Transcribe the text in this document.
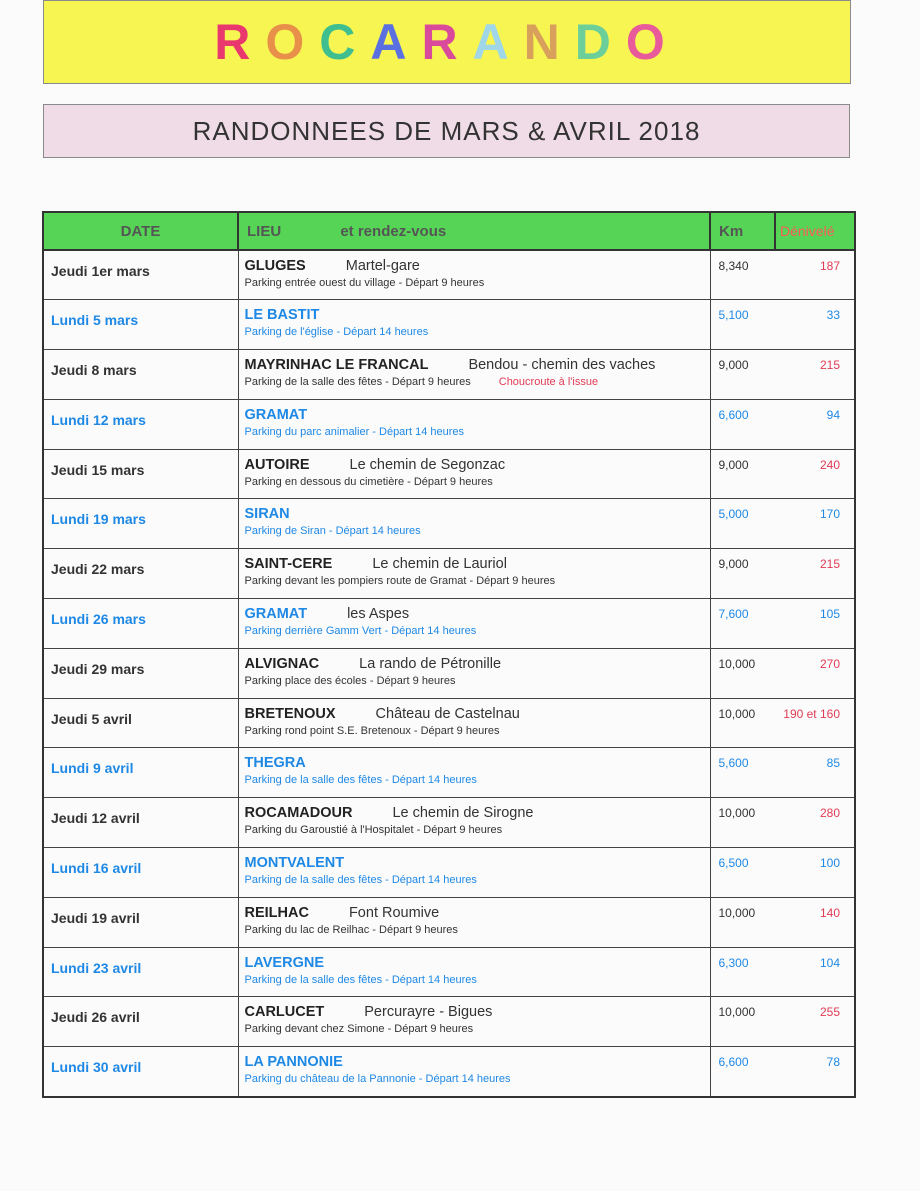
R O C A R A N D O
RANDONNEES DE MARS & AVRIL 2018
DATE	LIEU et rendez-vous	Km	Dénivelé
Jeudi 1er mars	GLUGES Martel-gare
Parking entrée ouest du village - Départ 9 heures	8,340	187
Lundi 5 mars	LE BASTIT
Parking de l'église - Départ 14 heures	5,100	33
Jeudi 8 mars	MAYRINHAC LE FRANCAL Bendou - chemin des vaches
Parking de la salle des fêtes - Départ 9 heures Choucroute à l'issue	9,000	215
Lundi 12 mars	GRAMAT
Parking du parc animalier - Départ 14 heures	6,600	94
Jeudi 15 mars	AUTOIRE Le chemin de Segonzac
Parking en dessous du cimetière - Départ 9 heures	9,000	240
Lundi 19 mars	SIRAN
Parking de Siran - Départ 14 heures	5,000	170
Jeudi 22 mars	SAINT-CERE Le chemin de Lauriol
Parking devant les pompiers route de Gramat - Départ 9 heures	9,000	215
Lundi 26 mars	GRAMAT les Aspes
Parking derrière Gamm Vert - Départ 14 heures	7,600	105
Jeudi 29 mars	ALVIGNAC La rando de Pétronille
Parking place des écoles - Départ 9 heures	10,000	270
Jeudi 5 avril	BRETENOUX Château de Castelnau
Parking rond point S.E. Bretenoux - Départ 9 heures	10,000	190 et 160
Lundi 9 avril	THEGRA
Parking de la salle des fêtes - Départ 14 heures	5,600	85
Jeudi 12 avril	ROCAMADOUR Le chemin de Sirogne
Parking du Garoustié à l'Hospitalet - Départ 9 heures	10,000	280
Lundi 16 avril	MONTVALENT
Parking de la salle des fêtes - Départ 14 heures	6,500	100
Jeudi 19 avril	REILHAC Font Roumive
Parking du lac de Reilhac - Départ 9 heures	10,000	140
Lundi 23 avril	LAVERGNE
Parking de la salle des fêtes - Départ 14 heures	6,300	104
Jeudi 26 avril	CARLUCET Percurayre - Bigues
Parking devant chez Simone - Départ 9 heures	10,000	255
Lundi 30 avril	LA PANNONIE
Parking du château de la Pannonie - Départ 14 heures	6,600	78
